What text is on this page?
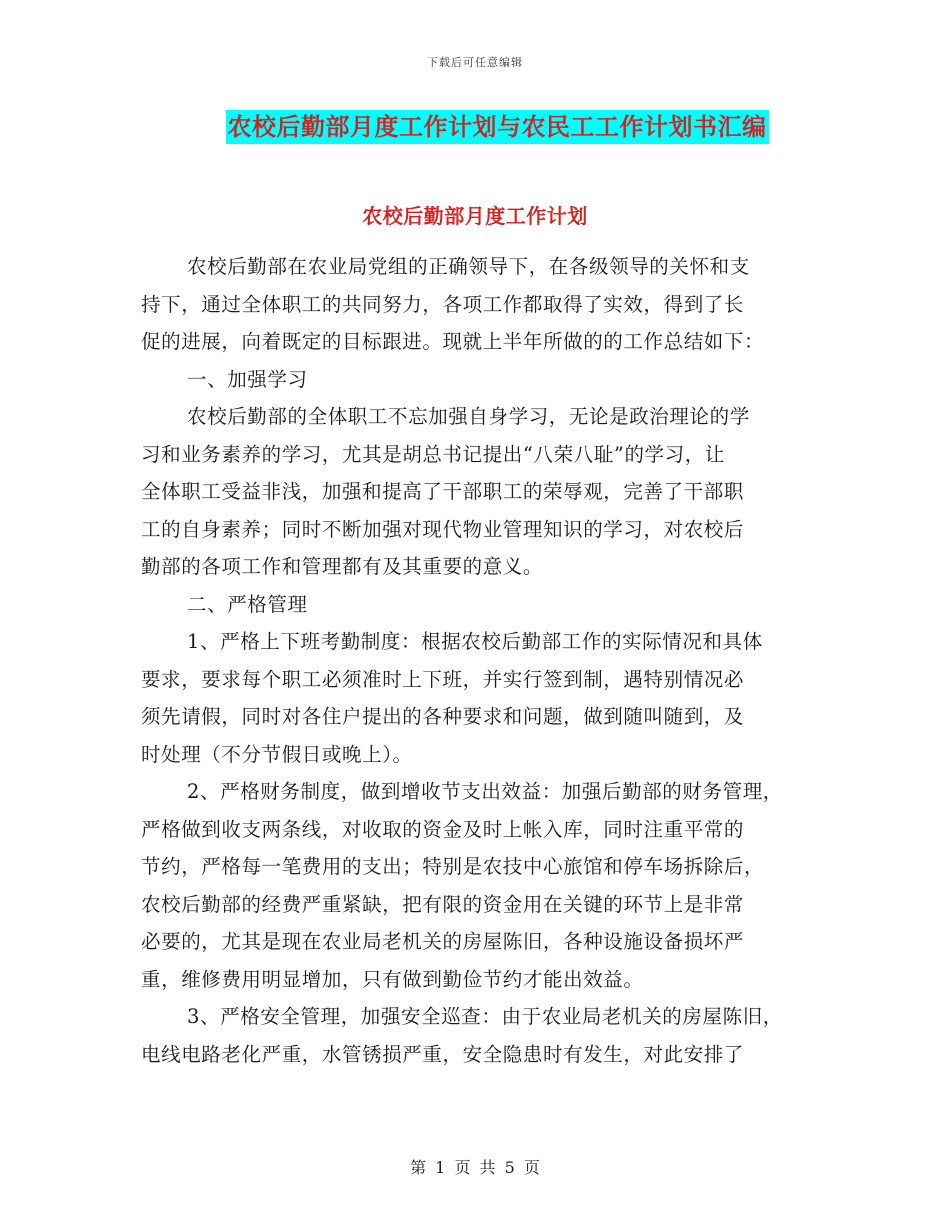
下载后可任意编辑
农校后勤部月度工作计划与农民工工作计划书汇编
农校后勤部月度工作计划
农校后勤部在农业局党组的正确领导下，在各级领导的关怀和支
持下，通过全体职工的共同努力，各项工作都取得了实效，得到了长
促的进展，向着既定的目标跟进。现就上半年所做的的工作总结如下：
一、加强学习
农校后勤部的全体职工不忘加强自身学习，无论是政治理论的学
习和业务素养的学习，尤其是胡总书记提出“八荣八耻”的学习，让
全体职工受益非浅，加强和提高了干部职工的荣辱观，完善了干部职
工的自身素养；同时不断加强对现代物业管理知识的学习，对农校后
勤部的各项工作和管理都有及其重要的意义。
二、严格管理
1、严格上下班考勤制度：根据农校后勤部工作的实际情况和具体
要求，要求每个职工必须准时上下班，并实行签到制，遇特别情况必
须先请假，同时对各住户提出的各种要求和问题，做到随叫随到，及
时处理（不分节假日或晚上）。
2、严格财务制度，做到增收节支出效益：加强后勤部的财务管理，
严格做到收支两条线，对收取的资金及时上帐入库，同时注重平常的
节约，严格每一笔费用的支出；特别是农技中心旅馆和停车场拆除后，
农校后勤部的经费严重紧缺，把有限的资金用在关键的环节上是非常
必要的，尤其是现在农业局老机关的房屋陈旧，各种设施设备损坏严
重，维修费用明显增加，只有做到勤俭节约才能出效益。
3、严格安全管理，加强安全巡查：由于农业局老机关的房屋陈旧，
电线电路老化严重，水管锈损严重，安全隐患时有发生，对此安排了
第 1 页 共 5 页
